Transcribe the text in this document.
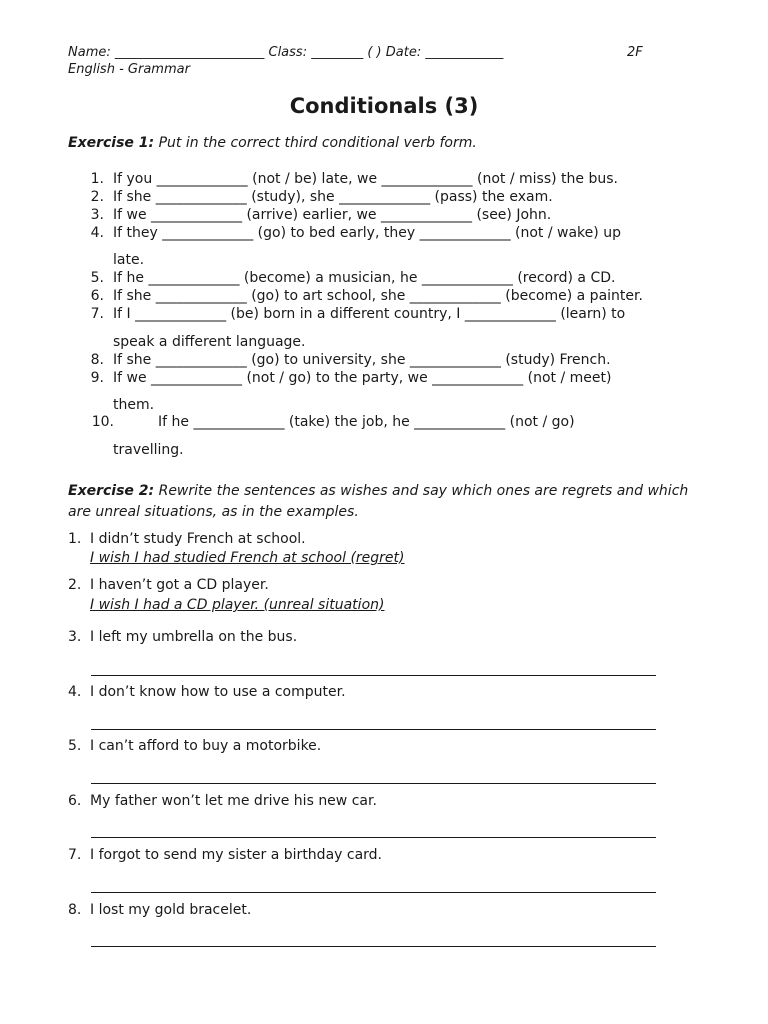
Name: _______________________ Class: ________ ( ) Date: ____________	2F
English - Grammar
Conditionals (3)
Exercise 1: Put in the correct third conditional verb form.
1. If you _____________ (not / be) late, we _____________ (not / miss) the bus.
2. If she _____________ (study), she _____________ (pass) the exam.
3. If we _____________ (arrive) earlier, we _____________ (see) John.
4. If they _____________ (go) to bed early, they _____________ (not / wake) up
late.
5. If he _____________ (become) a musician, he _____________ (record) a CD.
6. If she _____________ (go) to art school, she _____________ (become) a painter.
7. If I _____________ (be) born in a different country, I _____________ (learn) to
speak a different language.
8. If she _____________ (go) to university, she _____________ (study) French.
9. If we _____________ (not / go) to the party, we _____________ (not / meet)
them.
10.	If he _____________ (take) the job, he _____________ (not / go)
travelling.
Exercise 2: Rewrite the sentences as wishes and say which ones are regrets and which are unreal situations, as in the examples.
1. I didn’t study French at school.
I wish I had studied French at school (regret)
2. I haven’t got a CD player.
I wish I had a CD player. (unreal situation)
3. I left my umbrella on the bus.
4. I don’t know how to use a computer.
5. I can’t afford to buy a motorbike.
6. My father won’t let me drive his new car.
7. I forgot to send my sister a birthday card.
8. I lost my gold bracelet.
